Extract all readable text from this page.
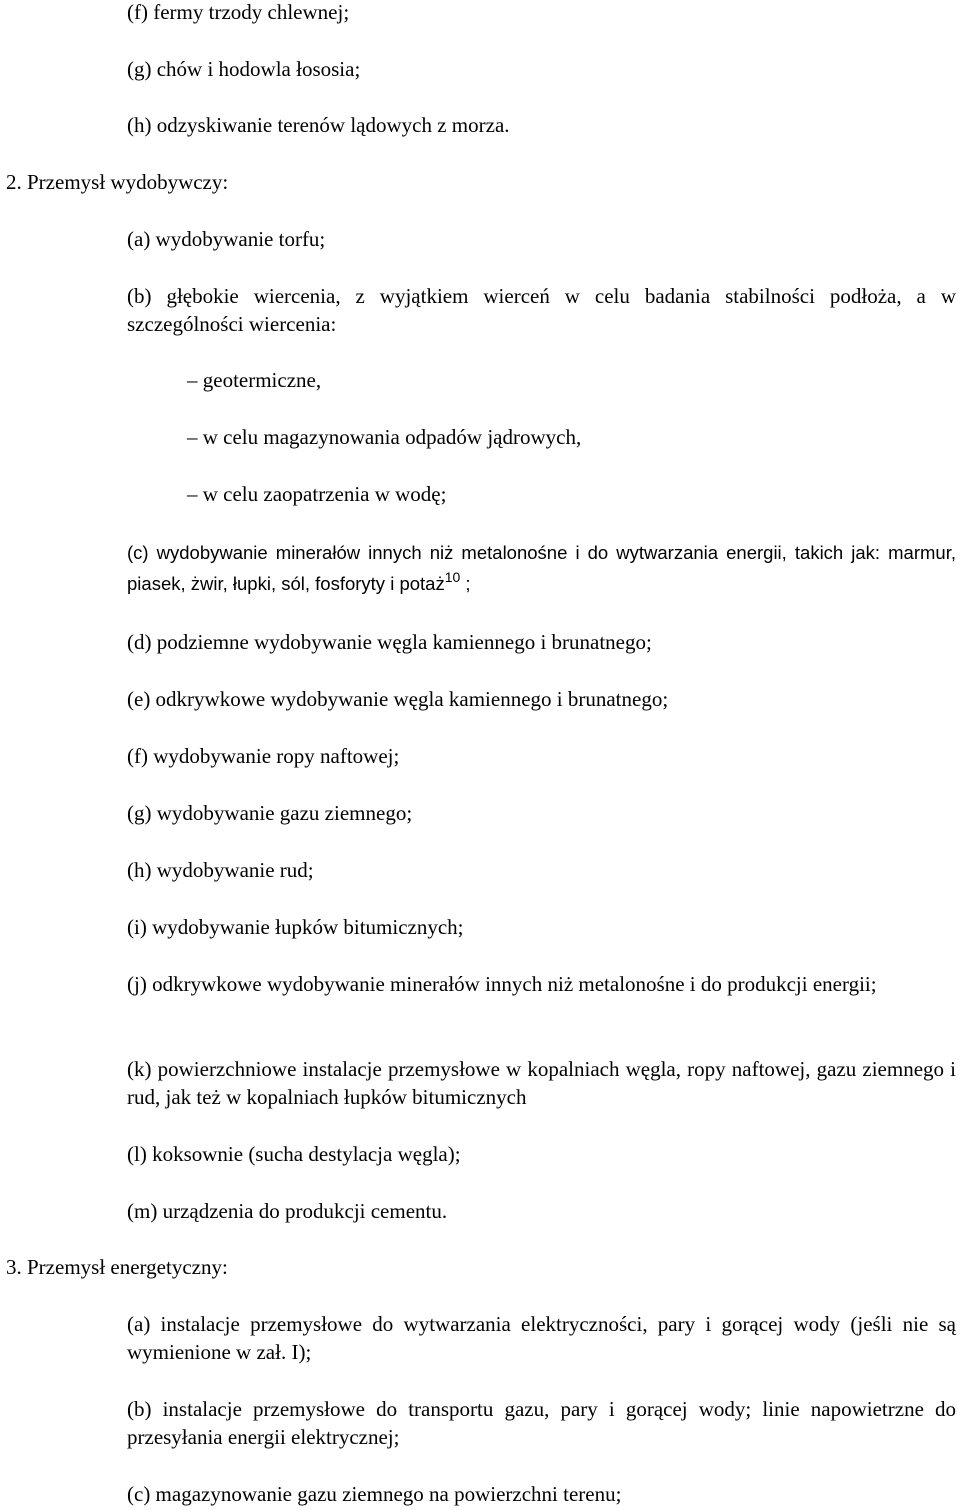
(f) fermy trzody chlewnej;

(g) chów i hodowla łososia;

(h) odzyskiwanie terenów lądowych z morza.

2. Przemysł wydobywczy:

(a) wydobywanie torfu;

(b) głębokie wiercenia, z wyjątkiem wierceń w celu badania stabilności podłoża, a w szczególności wiercenia:

– geotermiczne,

– w celu magazynowania odpadów jądrowych,

– w celu zaopatrzenia w wodę;

(c) wydobywanie minerałów innych niż metalonośne i do wytwarzania energii, takich jak: marmur, piasek, żwir, łupki, sól, fosforyty i potaż$^{10}$ ;

(d) podziemne wydobywanie węgla kamiennego i brunatnego;

(e) odkrywkowe wydobywanie węgla kamiennego i brunatnego;

(f) wydobywanie ropy naftowej;

(g) wydobywanie gazu ziemnego;

(h) wydobywanie rud;

(i) wydobywanie łupków bitumicznych;

(j) odkrywkowe wydobywanie minerałów innych niż metalonośne i do produkcji energii;

(k) powierzchniowe instalacje przemysłowe w kopalniach węgla, ropy naftowej, gazu ziemnego i rud, jak też w kopalniach łupków bitumicznych

(l) koksownie (sucha destylacja węgla);

(m) urządzenia do produkcji cementu.

3. Przemysł energetyczny:

(a) instalacje przemysłowe do wytwarzania elektryczności, pary i gorącej wody (jeśli nie są wymienione w zał. I);

(b) instalacje przemysłowe do transportu gazu, pary i gorącej wody; linie napowietrzne do przesyłania energii elektrycznej;

(c) magazynowanie gazu ziemnego na powierzchni terenu;
